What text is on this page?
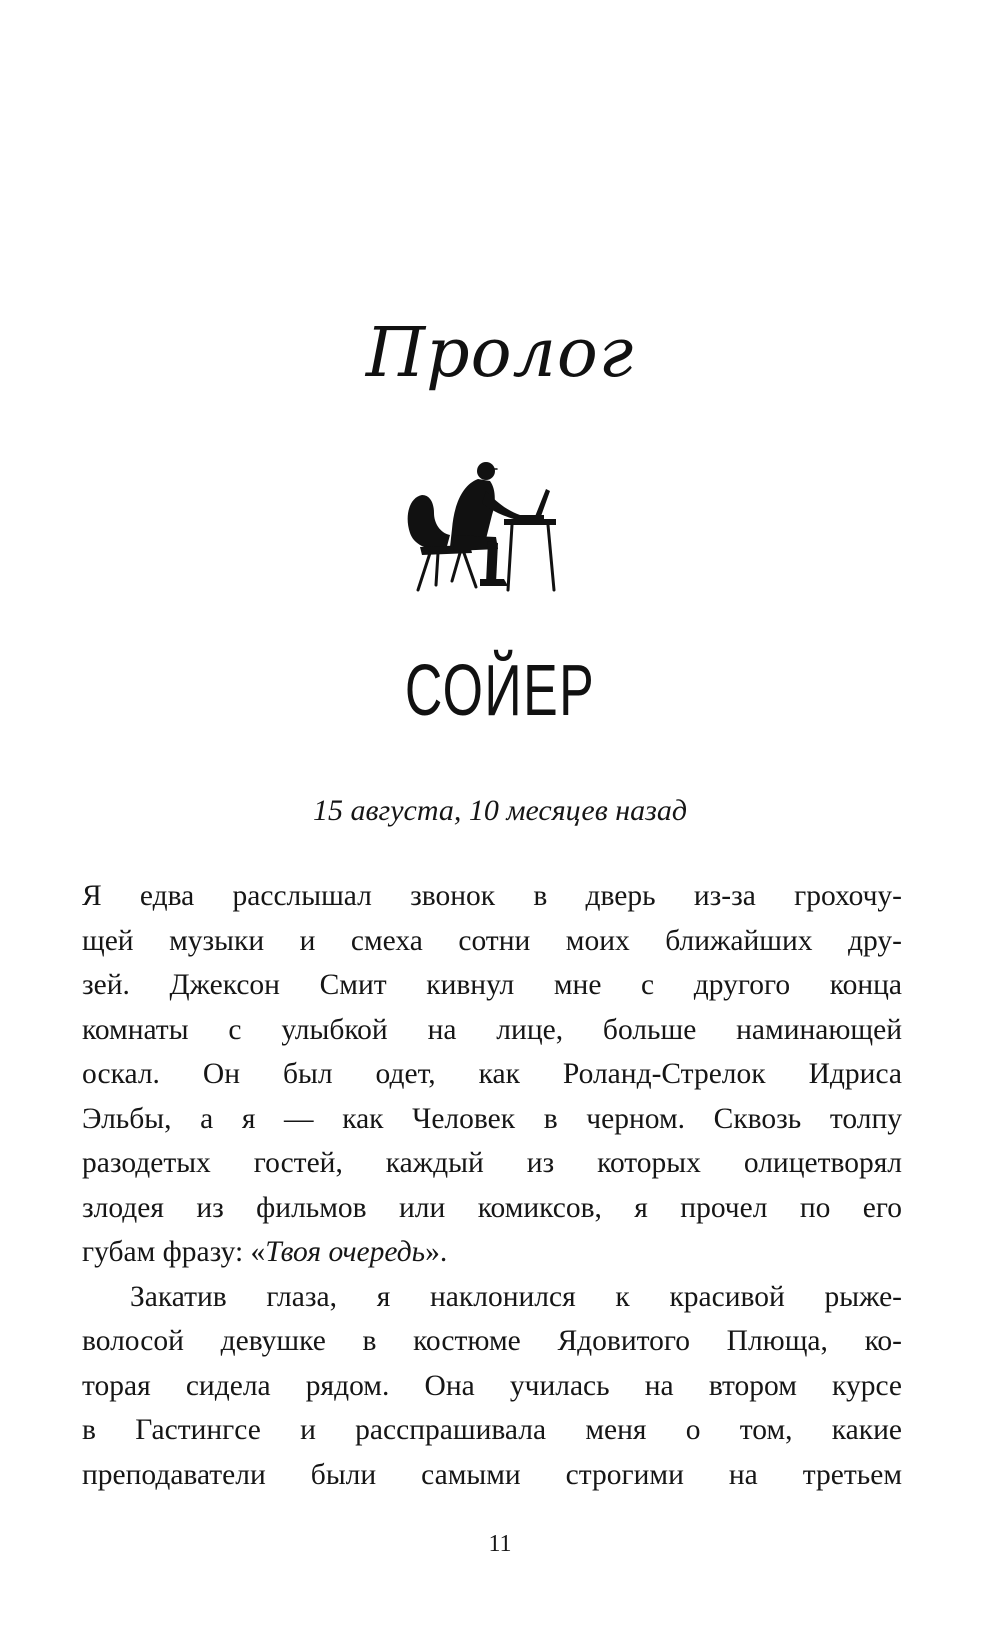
Пролог
СОЙЕР
15 августа, 10 месяцев назад
Я едва расслышал звонок в дверь из-за грохочу-
щей музыки и смеха сотни моих ближайших дру-
зей. Джексон Смит кивнул мне с другого конца
комнаты с улыбкой на лице, больше наминающей
оскал. Он был одет, как Роланд-Стрелок Идриса
Эльбы, а я — как Человек в черном. Сквозь толпу
разодетых гостей, каждый из которых олицетворял
злодея из фильмов или комиксов, я прочел по его
губам фразу: «Твоя очередь».
Закатив глаза, я наклонился к красивой рыже-
волосой девушке в костюме Ядовитого Плюща, ко-
торая сидела рядом. Она училась на втором курсе
в Гастингсе и расспрашивала меня о том, какие
преподаватели были самыми строгими на третьем
11
